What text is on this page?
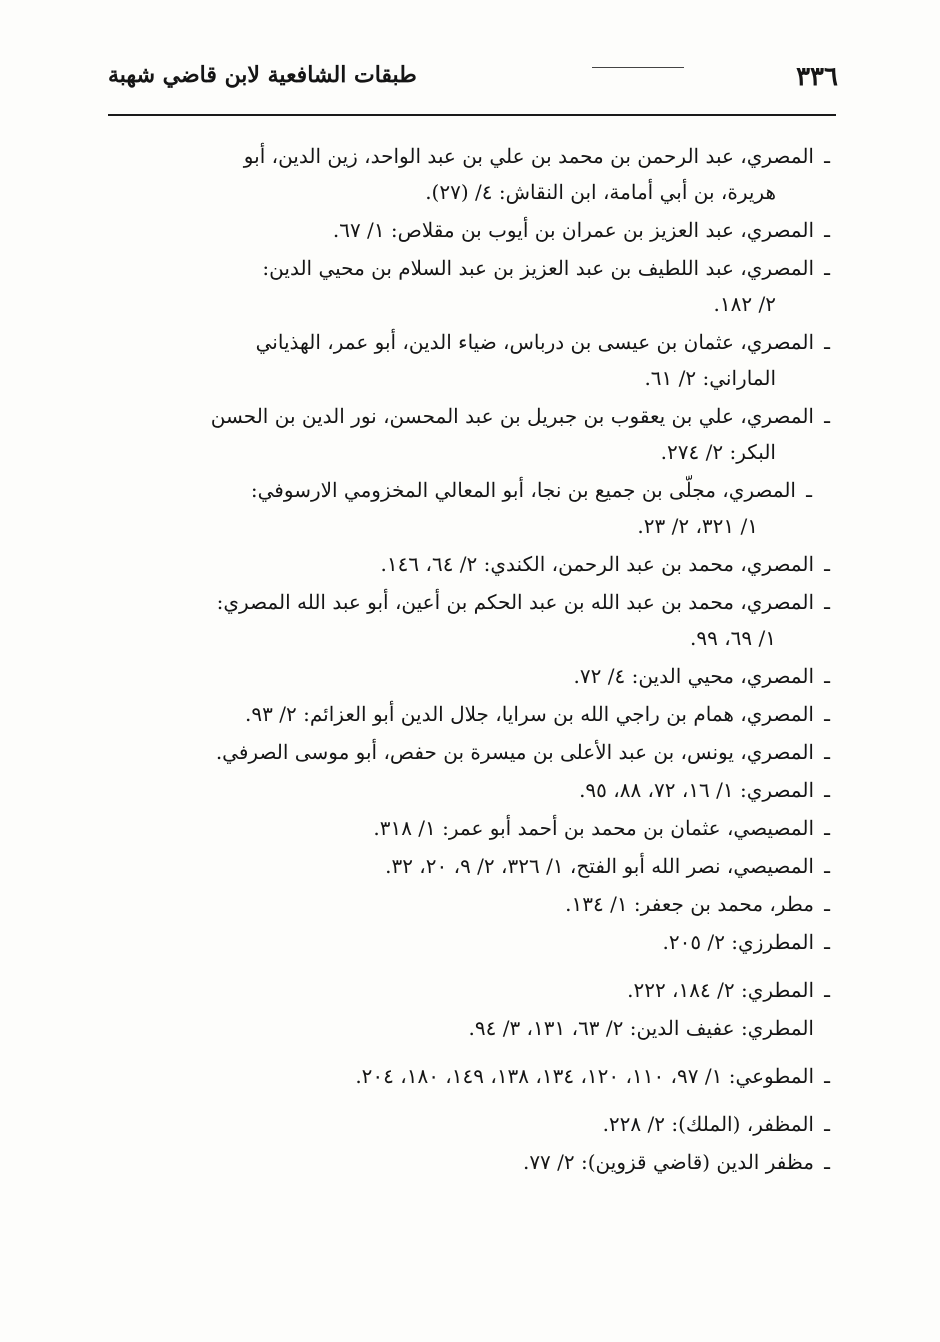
٣٣٦
طبقات الشافعية لابن قاضي شهبة
ـ
المصري، عبد الرحمن بن محمد بن علي بن عبد الواحد، زين الدين، أبو
هريرة، بن أبي أمامة، ابن النقاش: ٤/ (٢٧).
ـ
المصري، عبد العزيز بن عمران بن أيوب بن مقلاص: ١/ ٦٧.
ـ
المصري، عبد اللطيف بن عبد العزيز بن عبد السلام بن محيي الدين:
٢/ ١٨٢.
ـ
المصري، عثمان بن عيسى بن درباس، ضياء الدين، أبو عمر، الهذياني
الماراني: ٢/ ٦١.
ـ
المصري، علي بن يعقوب بن جبريل بن عبد المحسن، نور الدين بن الحسن
البكر: ٢/ ٢٧٤.
ـ
المصري، مجلّى بن جميع بن نجا، أبو المعالي المخزومي الارسوفي:
١/ ٣٢١، ٢/ ٢٣.
ـ
المصري، محمد بن عبد الرحمن، الكندي: ٢/ ٦٤، ١٤٦.
ـ
المصري، محمد بن عبد الله بن عبد الحكم بن أعين، أبو عبد الله المصري:
١/ ٦٩، ٩٩.
ـ
المصري، محيي الدين: ٤/ ٧٢.
ـ
المصري، همام بن راجي الله بن سرايا، جلال الدين أبو العزائم: ٢/ ٩٣.
ـ
المصري، يونس، بن عبد الأعلى بن ميسرة بن حفص، أبو موسى الصرفي.
ـ
المصري: ١/ ١٦، ٧٢، ٨٨، ٩٥.
ـ
المصيصي، عثمان بن محمد بن أحمد أبو عمر: ١/ ٣١٨.
ـ
المصيصي، نصر الله أبو الفتح، ١/ ٣٢٦، ٢/ ٩، ٢٠، ٣٢.
ـ
مطر، محمد بن جعفر: ١/ ١٣٤.
ـ
المطرزي: ٢/ ٢٠٥.
ـ
المطري: ٢/ ١٨٤، ٢٢٢.
المطري: عفيف الدين: ٢/ ٦٣، ١٣١، ٣/ ٩٤.
ـ
المطوعي: ١/ ٩٧، ١١٠، ١٢٠، ١٣٤، ١٣٨، ١٤٩، ١٨٠، ٢٠٤.
ـ
المظفر، (الملك): ٢/ ٢٢٨.
ـ
مظفر الدين (قاضي قزوين): ٢/ ٧٧.
